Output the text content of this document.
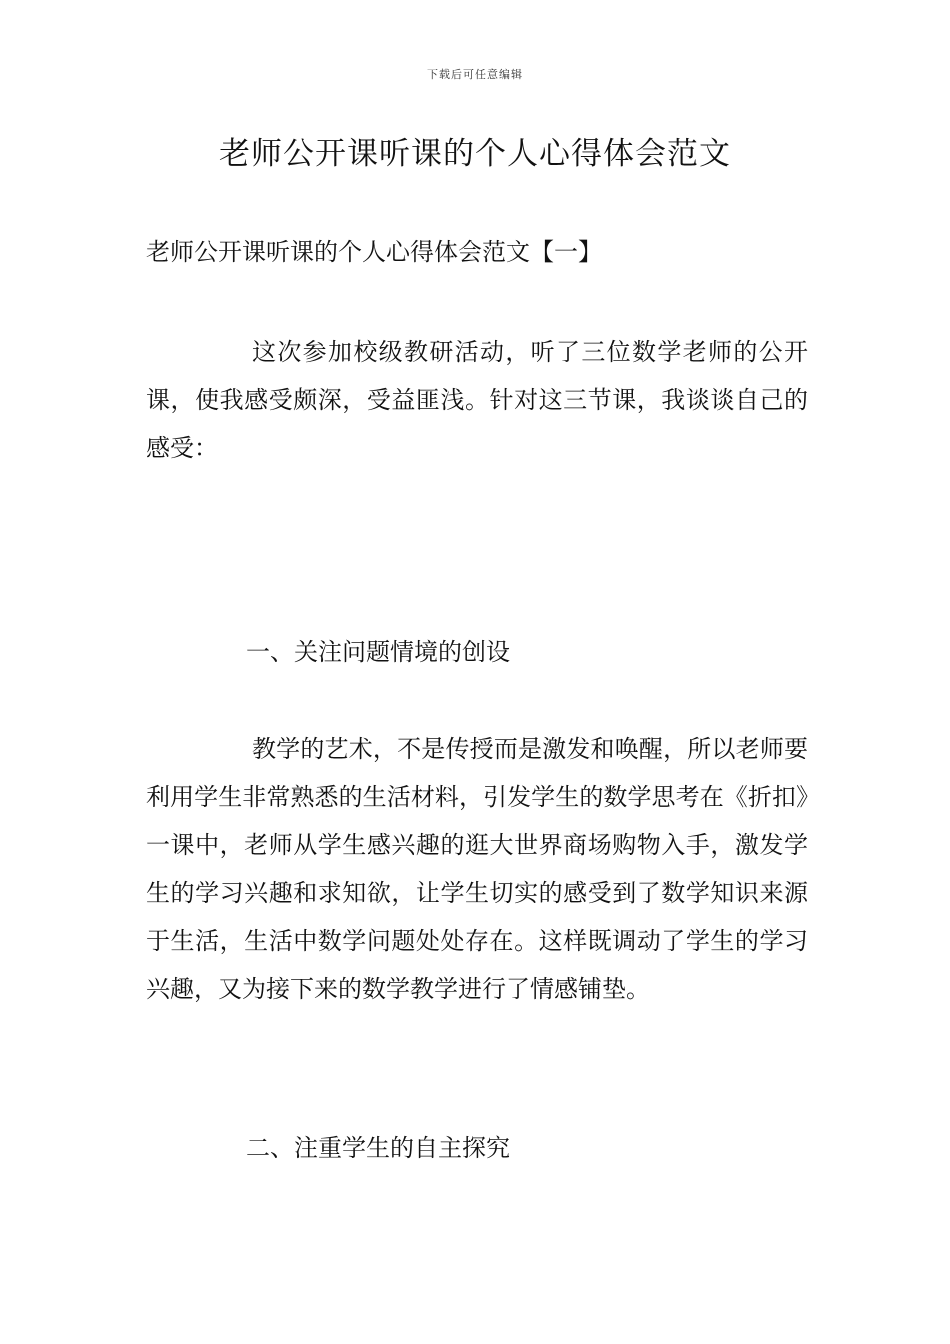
下载后可任意编辑
老师公开课听课的个人心得体会范文

老师公开课听课的个人心得体会范文【一】

这次参加校级教研活动，听了三位数学老师的公开课，使我感受颇深，受益匪浅。针对这三节课，我谈谈自己的感受：

一、关注问题情境的创设

教学的艺术，不是传授而是激发和唤醒，所以老师要利用学生非常熟悉的生活材料，引发学生的数学思考在《折扣》一课中，老师从学生感兴趣的逛大世界商场购物入手，激发学生的学习兴趣和求知欲，让学生切实的感受到了数学知识来源于生活，生活中数学问题处处存在。这样既调动了学生的学习兴趣，又为接下来的数学教学进行了情感铺垫。

二、注重学生的自主探究
